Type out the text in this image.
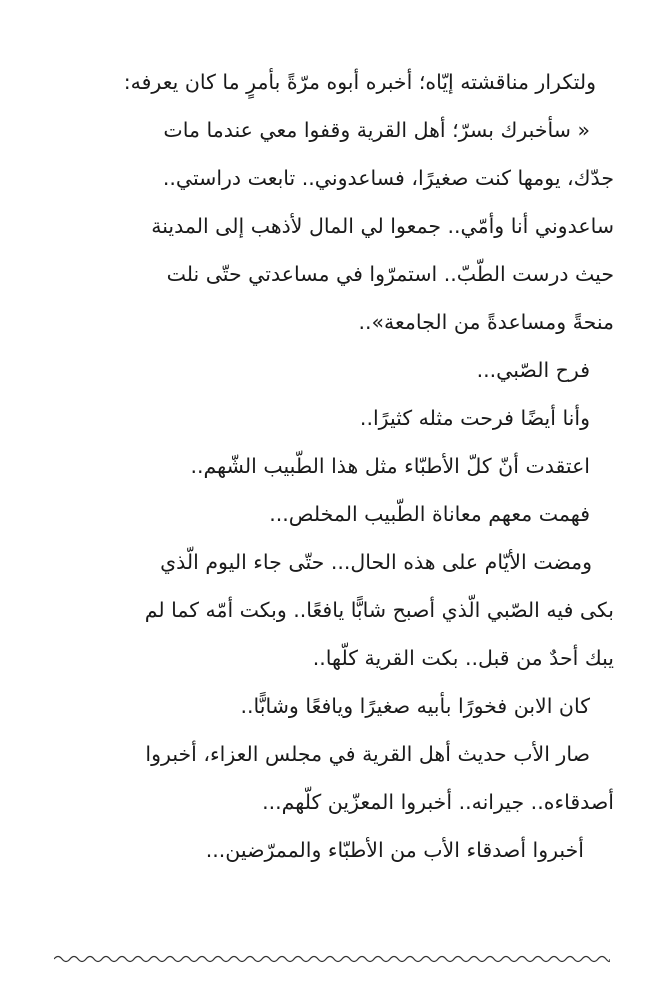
ولتكرار مناقشته إيّاه؛ أخبره أبوه مرّةً بأمرٍ ما كان يعرفه:
« سأخبرك بسرّ؛ أهل القرية وقفوا معي عندما مات
جدّك، يومها كنت صغيرًا، فساعدوني.. تابعت دراستي..
ساعدوني أنا وأمّي.. جمعوا لي المال لأذهب إلى المدينة
حيث درست الطّبّ.. استمرّوا في مساعدتي حتّى نلت
منحةً ومساعدةً من الجامعة»..
فرح الصّبي...
وأنا أيضًا فرحت مثله كثيرًا..
اعتقدت أنّ كلّ الأطبّاء مثل هذا الطّبيب الشّهم..
فهمت معهم معاناة الطّبيب المخلص...
ومضت الأيّام على هذه الحال... حتّى جاء اليوم الّذي
بكى فيه الصّبي الّذي أصبح شابًّا يافعًا.. وبكت أمّه كما لم
يبك أحدٌ من قبل.. بكت القرية كلّها..
كان الابن فخورًا بأبيه صغيرًا ويافعًا وشابًّا..
صار الأب حديث أهل القرية في مجلس العزاء، أخبروا
أصدقاءه.. جيرانه.. أخبروا المعزّين كلّهم...
أخبروا أصدقاء الأب من الأطبّاء والممرّضين...
